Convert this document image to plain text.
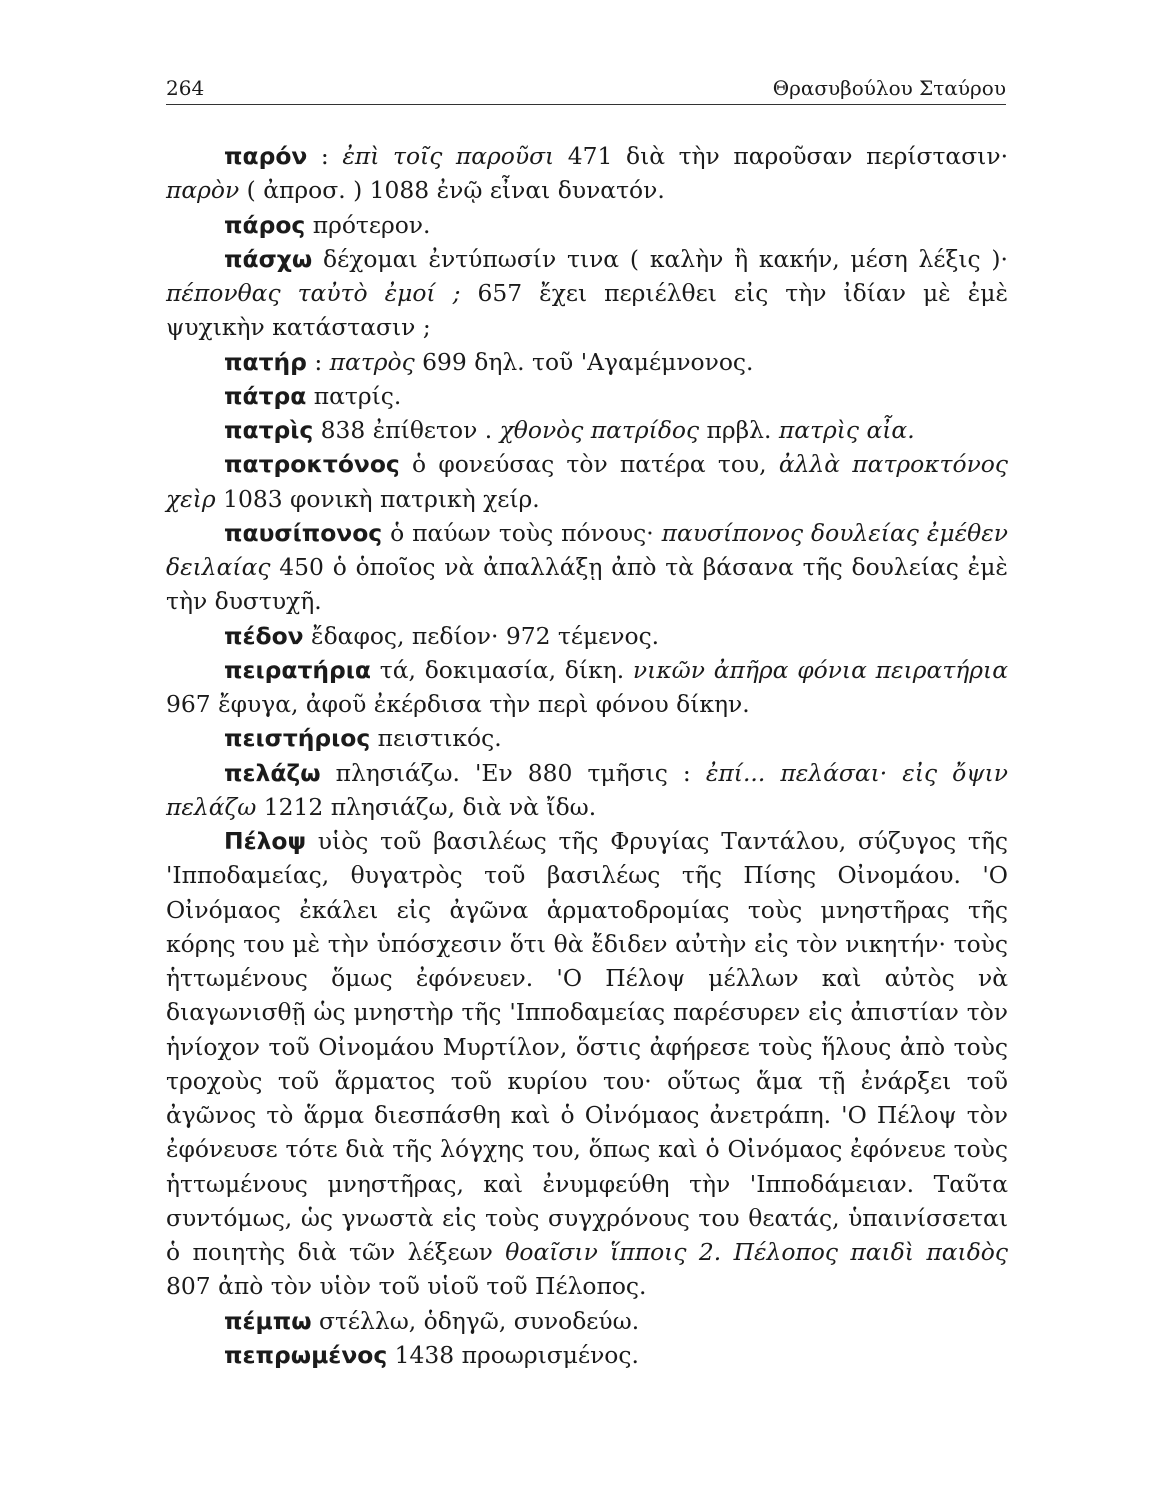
264	Θρασυβούλου Σταύρου

παρόν : ἐπὶ τοῖς παροῦσι 471 διὰ τὴν παροῦσαν περίστασιν· παρὸν ( ἀπροσ. ) 1088 ἐνῷ εἶναι δυνατόν.

πάρος πρότερον.

πάσχω δέχομαι ἐντύπωσίν τινα ( καλὴν ἢ κακήν, μέση λέξις )· πέπονθας ταὐτὸ ἐμοί ; 657 ἔχει περιέλθει εἰς τὴν ἰδίαν μὲ ἐμὲ ψυχικὴν κατάστασιν ;

πατήρ : πατρὸς 699 δηλ. τοῦ 'Αγαμέμνονος.

πάτρα πατρίς.

πατρὶς 838 ἐπίθετον . χθονὸς πατρίδος πρβλ. πατρὶς αἶα.

πατροκτόνος ὁ φονεύσας τὸν πατέρα του, ἀλλὰ πατροκτόνος χεὶρ 1083 φονικὴ πατρικὴ χείρ.

παυσίπονος ὁ παύων τοὺς πόνους· παυσίπονος δουλείας ἐμέθεν δειλαίας 450 ὁ ὁποῖος νὰ ἀπαλλάξῃ ἀπὸ τὰ βάσανα τῆς δουλείας ἐμὲ τὴν δυστυχῆ.

πέδον ἔδαφος, πεδίον· 972 τέμενος.

πειρατήρια τά, δοκιμασία, δίκη. νικῶν ἀπῆρα φόνια πειρατήρια 967 ἔφυγα, ἀφοῦ ἐκέρδισα τὴν περὶ φόνου δίκην.

πειστήριος πειστικός.

πελάζω πλησιάζω. 'Εν 880 τμῆσις : ἐπί... πελάσαι· εἰς ὄψιν πελάζω 1212 πλησιάζω, διὰ νὰ ἴδω.

Πέλοψ υἱὸς τοῦ βασιλέως τῆς Φρυγίας Ταντάλου, σύζυγος τῆς 'Ιπποδαμείας, θυγατρὸς τοῦ βασιλέως τῆς Πίσης Οἰνομάου. 'Ο Οἰνόμαος ἐκάλει εἰς ἀγῶνα ἁρματοδρομίας τοὺς μνηστῆρας τῆς κόρης του μὲ τὴν ὑπόσχεσιν ὅτι θὰ ἔδιδεν αὐτὴν εἰς τὸν νικητήν· τοὺς ἡττωμένους ὅμως ἐφόνευεν. 'Ο Πέλοψ μέλλων καὶ αὐτὸς νὰ διαγωνισθῇ ὡς μνηστὴρ τῆς 'Ιπποδαμείας παρέσυρεν εἰς ἀπιστίαν τὸν ἡνίοχον τοῦ Οἰνομάου Μυρτίλον, ὅστις ἀφήρεσε τοὺς ἥλους ἀπὸ τοὺς τροχοὺς τοῦ ἅρματος τοῦ κυρίου του· οὕτως ἅμα τῇ ἐνάρξει τοῦ ἀγῶνος τὸ ἅρμα διεσπάσθη καὶ ὁ Οἰνόμαος ἀνετράπη. 'Ο Πέλοψ τὸν ἐφόνευσε τότε διὰ τῆς λόγχης του, ὅπως καὶ ὁ Οἰνόμαος ἐφόνευε τοὺς ἡττωμένους μνηστῆρας, καὶ ἐνυμφεύθη τὴν 'Ιπποδάμειαν. Ταῦτα συντόμως, ὡς γνωστὰ εἰς τοὺς συγχρόνους του θεατάς, ὑπαινίσσεται ὁ ποιητὴς διὰ τῶν λέξεων θοαῖσιν ἵπποις 2. Πέλοπος παιδὶ παιδὸς 807 ἀπὸ τὸν υἱὸν τοῦ υἱοῦ τοῦ Πέλοπος.

πέμπω στέλλω, ὁδηγῶ, συνοδεύω.

πεπρωμένος 1438 προωρισμένος.
